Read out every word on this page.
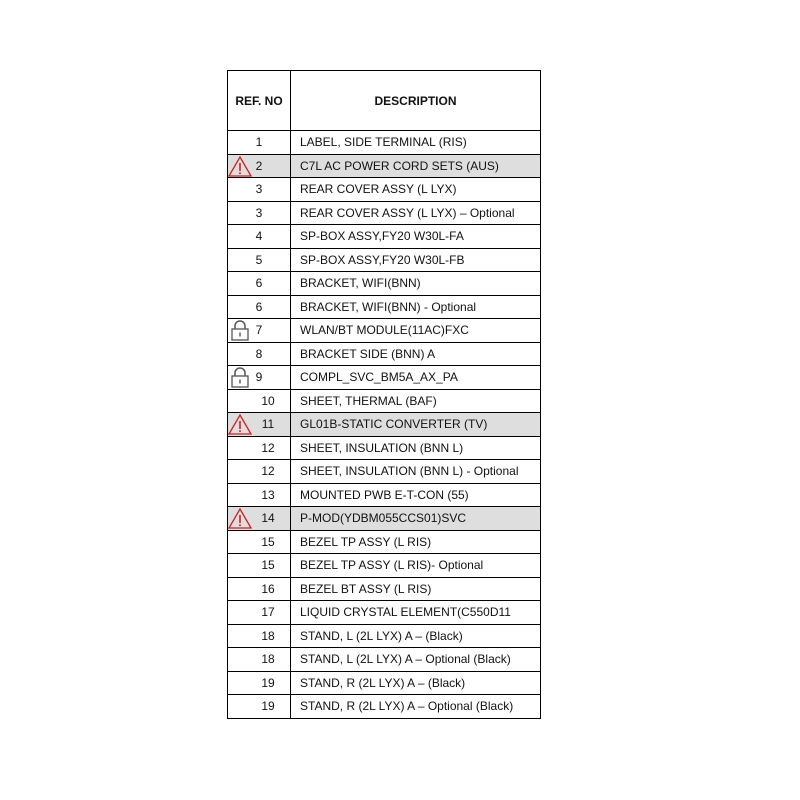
REF. NO	DESCRIPTION
1	LABEL, SIDE TERMINAL (RIS)
2	C7L AC POWER CORD SETS (AUS)
3	REAR COVER ASSY (L LYX)
3	REAR COVER ASSY (L LYX) – Optional
4	SP-BOX ASSY,FY20 W30L-FA
5	SP-BOX ASSY,FY20 W30L-FB
6	BRACKET, WIFI(BNN)
6	BRACKET, WIFI(BNN) - Optional
7	WLAN/BT MODULE(11AC)FXC
8	BRACKET SIDE (BNN) A
9	COMPL_SVC_BM5A_AX_PA
10	SHEET, THERMAL (BAF)
11	GL01B-STATIC CONVERTER (TV)
12	SHEET, INSULATION (BNN L)
12	SHEET, INSULATION (BNN L) - Optional
13	MOUNTED PWB E-T-CON (55)
14	P-MOD(YDBM055CCS01)SVC
15	BEZEL TP ASSY (L RIS)
15	BEZEL TP ASSY (L RIS)- Optional
16	BEZEL BT ASSY (L RIS)
17	LIQUID CRYSTAL ELEMENT(C550D11
18	STAND, L (2L LYX) A – (Black)
18	STAND, L (2L LYX) A – Optional (Black)
19	STAND, R (2L LYX) A – (Black)
19	STAND, R (2L LYX) A – Optional (Black)
